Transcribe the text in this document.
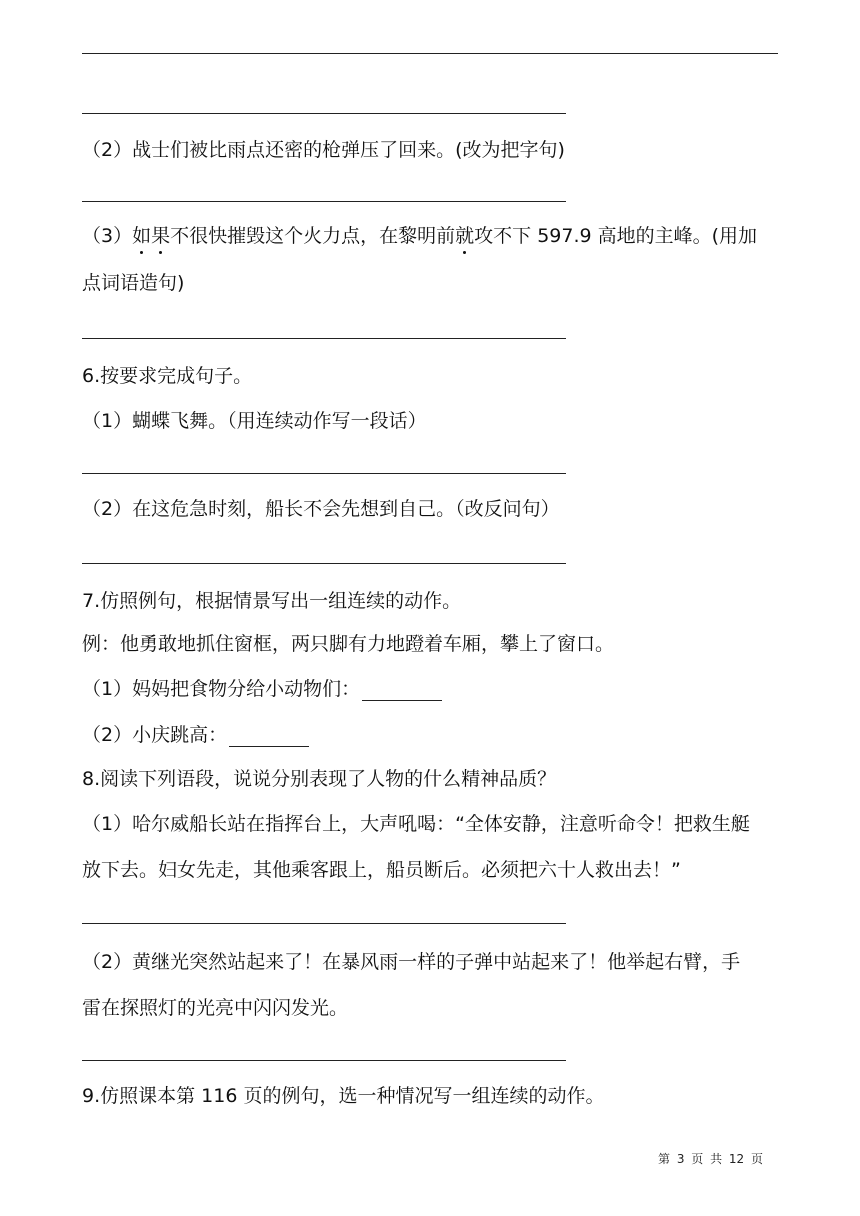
（2）战士们被比雨点还密的枪弹压了回来。(改为把字句)
（3）如果不很快摧毁这个火力点，在黎明前就攻不下 597.9 高地的主峰。(用加
点词语造句)
6.按要求完成句子。
（1）蝴蝶飞舞。（用连续动作写一段话）
（2）在这危急时刻，船长不会先想到自己。（改反问句）
7.仿照例句，根据情景写出一组连续的动作。
例：他勇敢地抓住窗框，两只脚有力地蹬着车厢，攀上了窗口。
（1）妈妈把食物分给小动物们：
（2）小庆跳高：
8.阅读下列语段，说说分别表现了人物的什么精神品质？
（1）哈尔威船长站在指挥台上，大声吼喝：“全体安静，注意听命令！把救生艇
放下去。妇女先走，其他乘客跟上，船员断后。必须把六十人救出去！”
（2）黄继光突然站起来了！在暴风雨一样的子弹中站起来了！他举起右臂，手
雷在探照灯的光亮中闪闪发光。
9.仿照课本第 116 页的例句，选一种情况写一组连续的动作。
第 3 页 共 12 页
